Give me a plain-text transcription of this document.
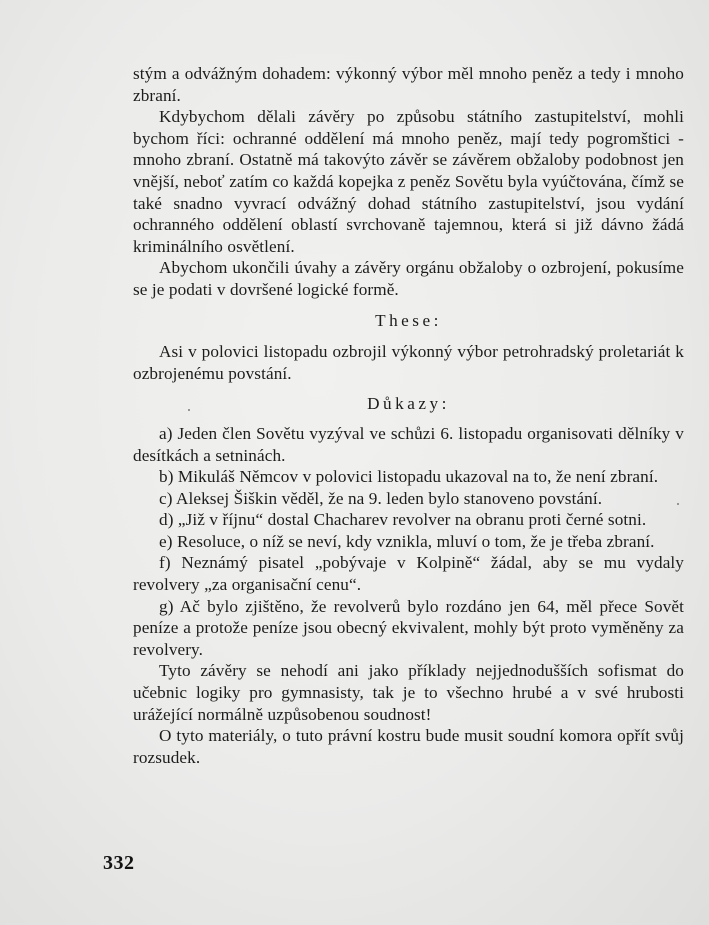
stým a odvážným dohadem: výkonný výbor měl mnoho peněz a tedy i mnoho zbraní.

Kdybychom dělali závěry po způsobu státního zastupitelství, mohli bychom říci: ochranné oddělení má mnoho peněz, mají tedy pogromštici - mnoho zbraní. Ostatně má takovýto závěr se závěrem obžaloby podobnost jen vnější, neboť zatím co každá kopejka z peněz Sovětu byla vyúčtována, čímž se také snadno vyvrací odvážný dohad státního zastupitelství, jsou vydání ochranného oddělení oblastí svrchovaně tajemnou, která si již dávno žádá kriminálního osvětlení.

Abychom ukončili úvahy a závěry orgánu obžaloby o ozbrojení, pokusíme se je podati v dovršené logické formě.

These:

Asi v polovici listopadu ozbrojil výkonný výbor petrohradský proletariát k ozbrojenému povstání.

Důkazy:

a) Jeden člen Sovětu vyzýval ve schůzi 6. listopadu organisovati dělníky v desítkách a setninách.

b) Mikuláš Němcov v polovici listopadu ukazoval na to, že není zbraní.

c) Aleksej Šiškin věděl, že na 9. leden bylo stanoveno povstání.

d) „Již v říjnu“ dostal Chacharev revolver na obranu proti černé sotni.

e) Resoluce, o níž se neví, kdy vznikla, mluví o tom, že je třeba zbraní.

f) Neznámý pisatel „pobývaje v Kolpině“ žádal, aby se mu vydaly revolvery „za organisační cenu“.

g) Ač bylo zjištěno, že revolverů bylo rozdáno jen 64, měl přece Sovět peníze a protože peníze jsou obecný ekvivalent, mohly být proto vyměněny za revolvery.

Tyto závěry se nehodí ani jako příklady nejjednodušších sofismat do učebnic logiky pro gymnasisty, tak je to všechno hrubé a v své hrubosti urážející normálně uzpůsobenou soudnost!

O tyto materiály, o tuto právní kostru bude musit soudní komora opřít svůj rozsudek.

332
